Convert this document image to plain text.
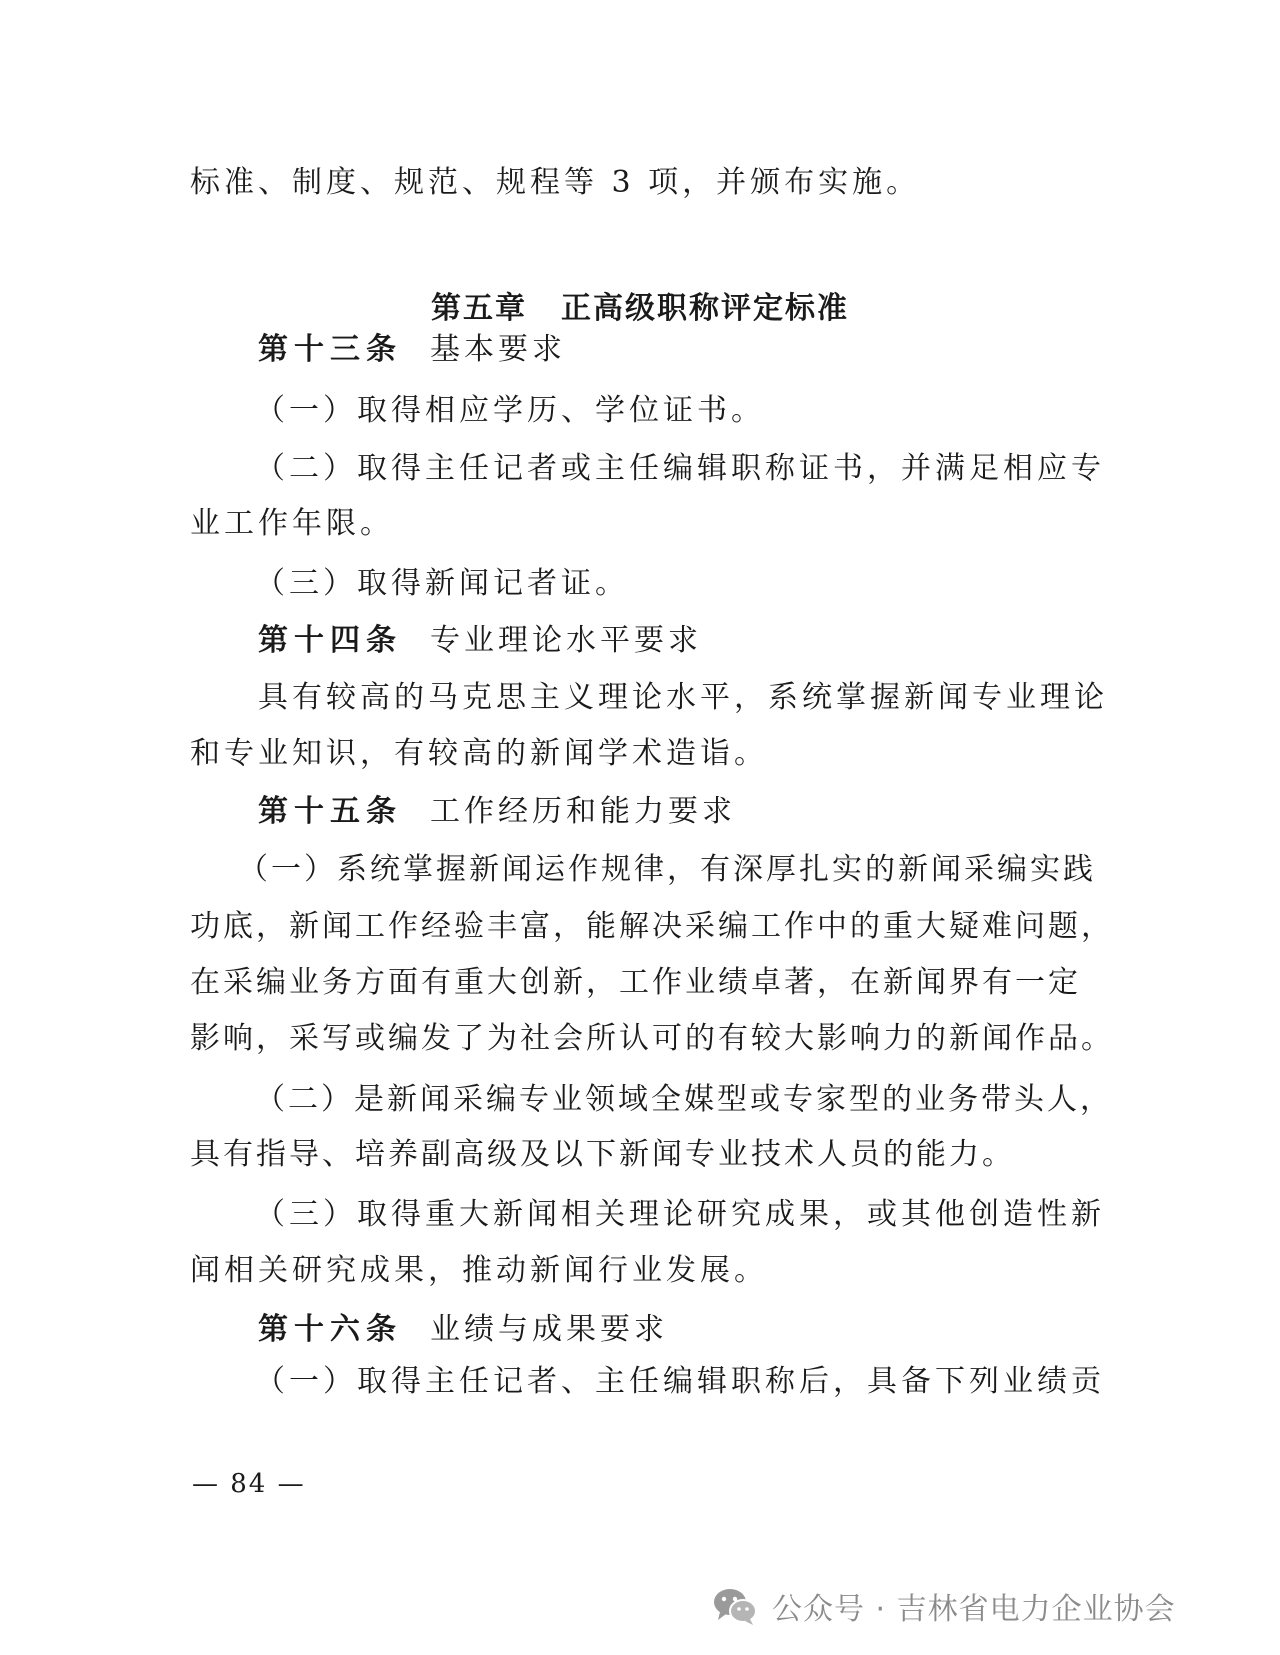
标准、制度、规范、规程等 3 项，并颁布实施。

第五章 正高级职称评定标准

第十三条 基本要求

（一）取得相应学历、学位证书。

（二）取得主任记者或主任编辑职称证书，并满足相应专

业工作年限。

（三）取得新闻记者证。

第十四条 专业理论水平要求

具有较高的马克思主义理论水平，系统掌握新闻专业理论

和专业知识，有较高的新闻学术造诣。

第十五条 工作经历和能力要求

（一）系统掌握新闻运作规律，有深厚扎实的新闻采编实践

功底，新闻工作经验丰富，能解决采编工作中的重大疑难问题，

在采编业务方面有重大创新，工作业绩卓著，在新闻界有一定

影响，采写或编发了为社会所认可的有较大影响力的新闻作品。

（二）是新闻采编专业领域全媒型或专家型的业务带头人，

具有指导、培养副高级及以下新闻专业技术人员的能力。

（三）取得重大新闻相关理论研究成果，或其他创造性新

闻相关研究成果，推动新闻行业发展。

第十六条 业绩与成果要求

（一）取得主任记者、主任编辑职称后，具备下列业绩贡

— 84 —
公众号 · 吉林省电力企业协会
